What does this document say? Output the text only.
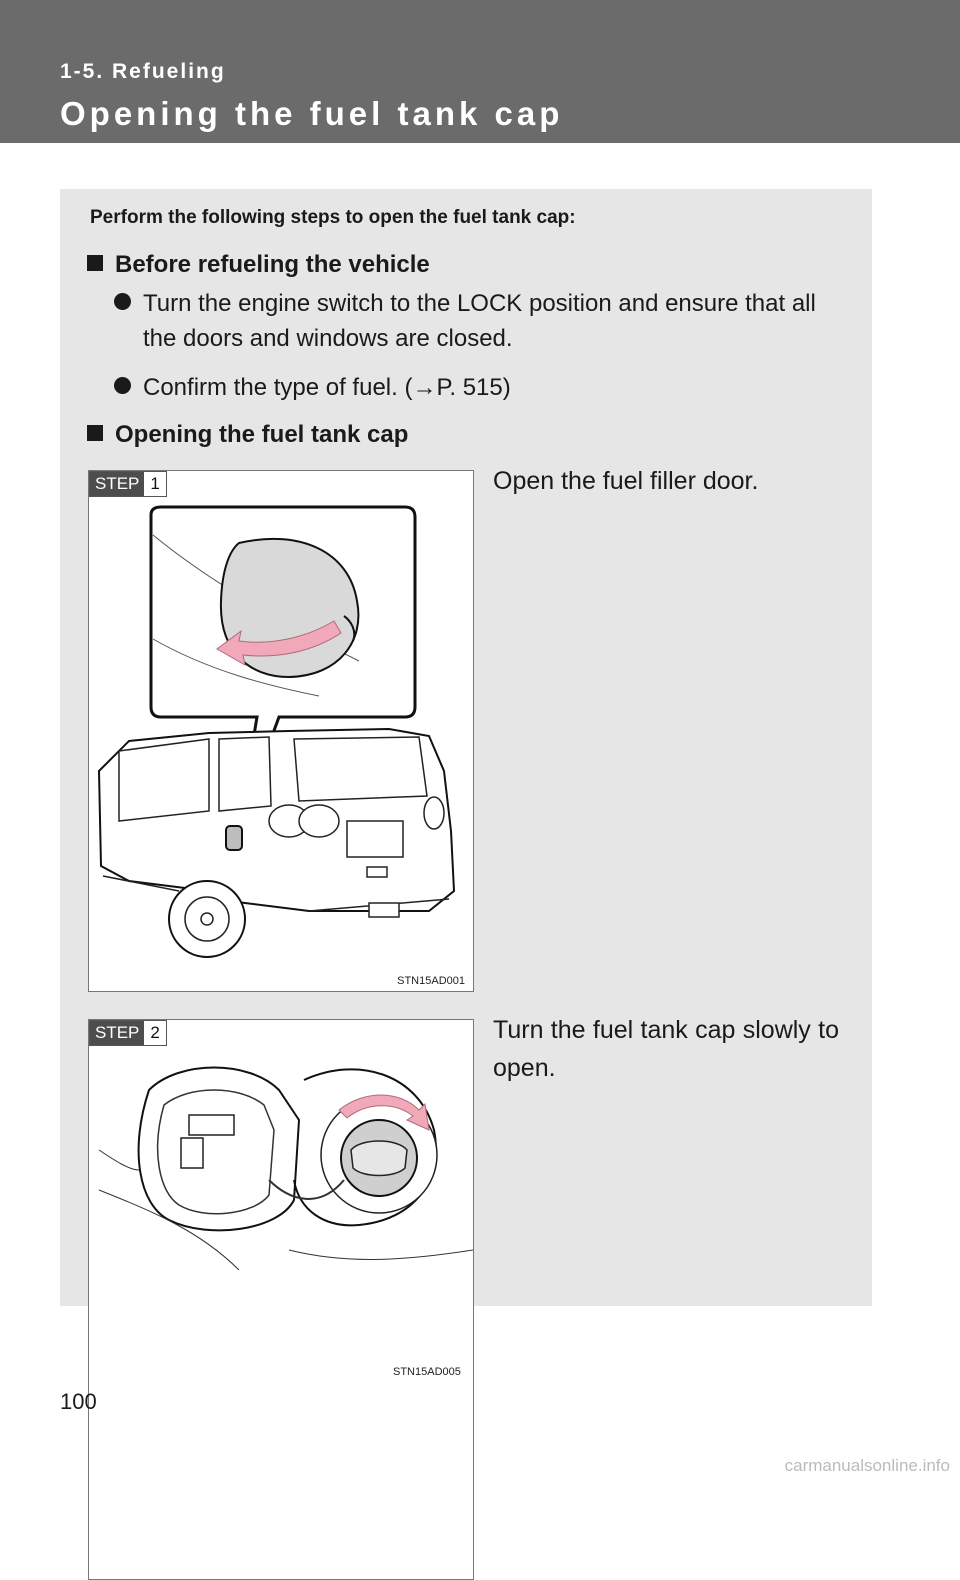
1-5. Refueling
Opening the fuel tank cap
Perform the following steps to open the fuel tank cap:
Before refueling the vehicle
Turn the engine switch to the LOCK position and ensure that all the doors and windows are closed.
Confirm the type of fuel. (→P. 515)
Opening the fuel tank cap
STEP 1
STN15AD001
Open the fuel filler door.
STEP 2	Turn the fuel tank cap slowly to open.
STN15AD005
100
carmanualsonline.info
